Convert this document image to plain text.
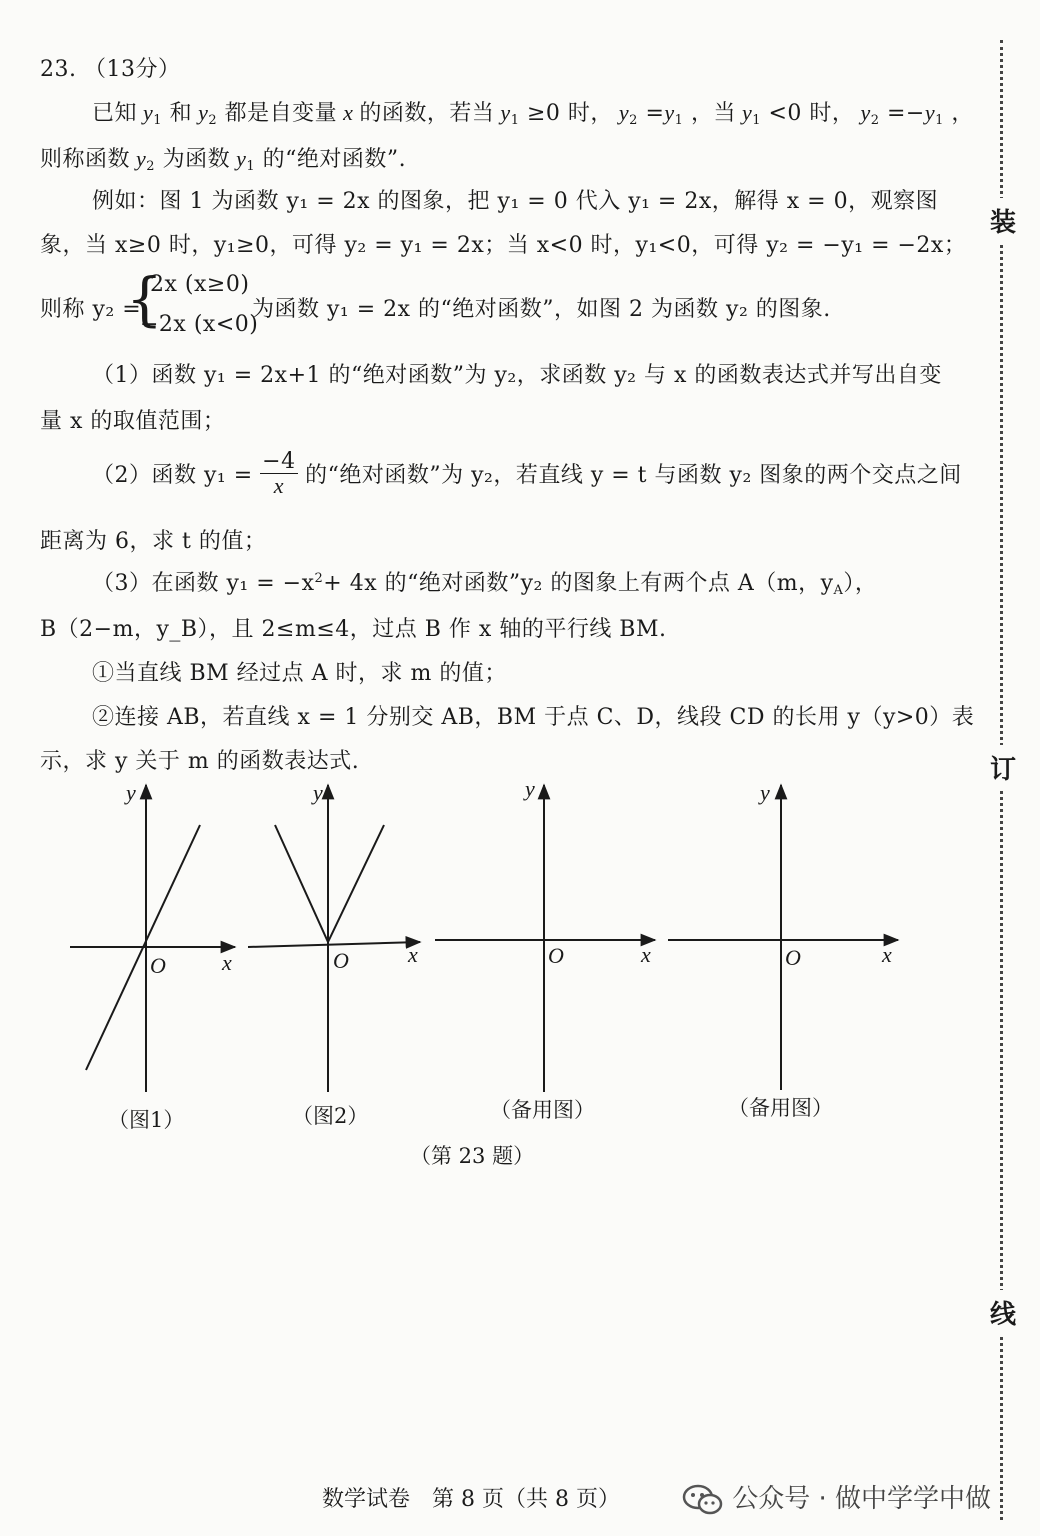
装
订
线
23. （13分）
已知 $y_1$ 和 $y_2$ 都是自变量 x 的函数，若当 $y_1 \ge 0$ 时， $y_2 =y_1$ ，当 $y_1 <0$ 时， $y_2 =-y_1$ ，
则称函数 $y_2$ 为函数 $y_1$ 的“绝对函数”.
例如：图 1 为函数 y₁ = 2x 的图象，把 y₁ = 0 代入 y₁ = 2x，解得 x = 0，观察图
象，当 x≥0 时，y₁≥0，可得 y₂ = y₁ = 2x；当 x<0 时，y₁<0，可得 y₂ = −y₁ = −2x；
则称 y₂ =
{
2x (x≥0)
−2x (x<0)
为函数 y₁ = 2x 的“绝对函数”，如图 2 为函数 y₂ 的图象.
（1）函数 y₁ = 2x+1 的“绝对函数”为 y₂，求函数 y₂ 与 x 的函数表达式并写出自变
量 x 的取值范围；
（2）函数 $y_1 = \frac{-4}{x}$ 的“绝对函数”为 y₂，若直线 y = t 与函数 y₂ 图象的两个交点之间
距离为 6，求 t 的值；
（3）在函数 $y_1 = -x^2+ 4x$ 的“绝对函数”y₂ 的图象上有两个点 A（m，$y_A$），
B（2−m，y_B），且 2≤m≤4，过点 B 作 x 轴的平行线 BM.
①当直线 BM 经过点 A 时，求 m 的值；
②连接 AB，若直线 x = 1 分别交 AB，BM 于点 C、D，线段 CD 的长用 y（y>0）表
示，求 y 关于 m 的函数表达式.
y
x
O
y
x
O
y
x
O
y
x
O
（图1）	（图2）	（备用图）	（备用图）
（第 23 题）
数学试卷　第 8 页（共 8 页）	公众号 · 做中学学中做
